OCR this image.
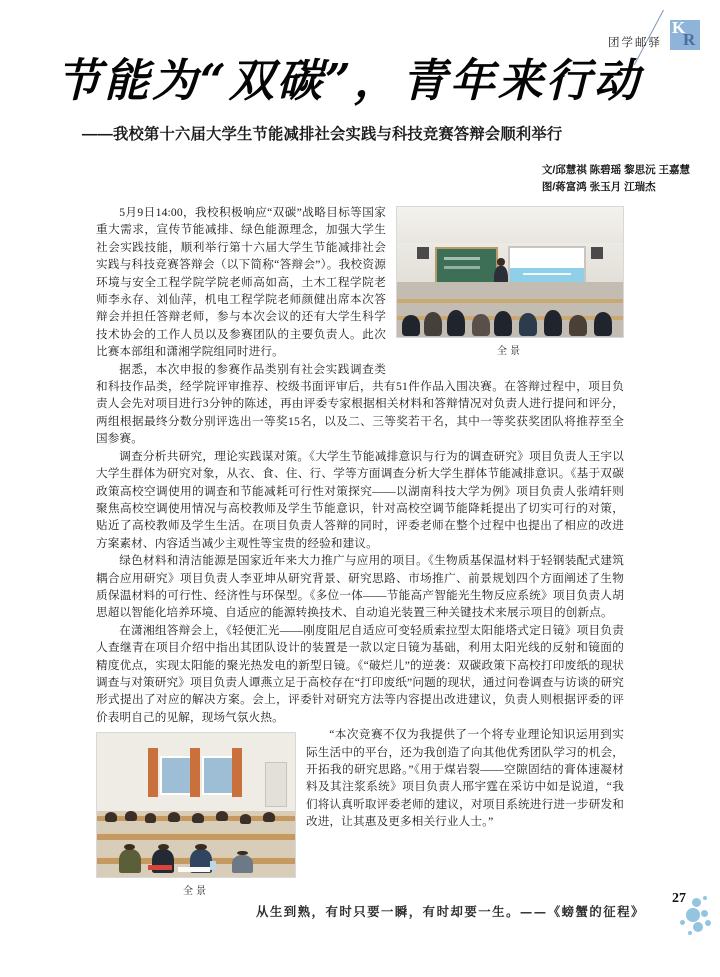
K
R
团学邮驿
节能为“双碳”，青年来行动
——我校第十六届大学生节能减排社会实践与科技竞赛答辩会顺利举行
文/邱慧祺 陈碧瑶 黎思沅 王嘉慧
图/蒋富鸿 张玉月 江瑞杰
全景

5月9日14:00，我校积极响应“双碳”战略目标等国家重大需求，宣传节能减排、绿色能源理念，加强大学生社会实践技能，顺利举行第十六届大学生节能减排社会实践与科技竞赛答辩会（以下简称“答辩会”）。我校资源环境与安全工程学院学院老师高如高，土木工程学院老师李永存、刘仙萍，机电工程学院老师颜健出席本次答辩会并担任答辩老师，参与本次会议的还有大学生科学技术协会的工作人员以及参赛团队的主要负责人。此次比赛本部组和潇湘学院组同时进行。

据悉，本次申报的参赛作品类别有社会实践调查类和科技作品类，经学院评审推荐、校级书面评审后，共有51件作品入围决赛。在答辩过程中，项目负责人会先对项目进行3分钟的陈述，再由评委专家根据相关材料和答辩情况对负责人进行提问和评分，两组根据最终分数分别评选出一等奖15名，以及二、三等奖若干名，其中一等奖获奖团队将推荐至全国参赛。

调查分析共研究，理论实践谋对策。《大学生节能减排意识与行为的调查研究》项目负责人王宇以大学生群体为研究对象，从衣、食、住、行、学等方面调查分析大学生群体节能减排意识。《基于双碳政策高校空调使用的调查和节能减耗可行性对策探究——以湖南科技大学为例》项目负责人张靖轩则聚焦高校空调使用情况与高校教师及学生节能意识，针对高校空调节能降耗提出了切实可行的对策，贴近了高校教师及学生生活。在项目负责人答辩的同时，评委老师在整个过程中也提出了相应的改进方案素材、内容适当减少主观性等宝贵的经验和建议。

绿色材料和清洁能源是国家近年来大力推广与应用的项目。《生物质基保温材料于轻钢装配式建筑耦合应用研究》项目负责人李亚坤从研究背景、研究思路、市场推广、前景规划四个方面阐述了生物质保温材料的可行性、经济性与环保型。《多位一体——节能高产智能光生物反应系统》项目负责人胡思超以智能化培养环境、自适应的能源转换技术、自动追光装置三种关键技术来展示项目的创新点。

在潇湘组答辩会上，《轻便汇光——刚度阻尼自适应可变轻质索拉型太阳能塔式定日镜》项目负责人查继青在项目介绍中指出其团队设计的装置是一款以定日镜为基础，利用太阳光线的反射和镜面的精度优点，实现太阳能的聚光热发电的新型日镜。《“破烂儿”的逆袭：双碳政策下高校打印废纸的现状调查与对策研究》项目负责人谭燕立足于高校存在“打印废纸”问题的现状，通过问卷调查与访谈的研究形式提出了对应的解决方案。会上，评委针对研究方法等内容提出改进建议，负责人则根据评委的评价表明自己的见解，现场气氛火热。

全景

“本次竞赛不仅为我提供了一个将专业理论知识运用到实际生活中的平台，还为我创造了向其他优秀团队学习的机会，开拓我的研究思路。”《用于煤岩裂——空隙固结的膏体速凝材料及其注浆系统》项目负责人邢宇霆在采访中如是说道，“我们将认真听取评委老师的建议，对项目系统进行进一步研发和改进，让其惠及更多相关行业人士。”

从生到熟，有时只要一瞬，有时却要一生。——《螃蟹的征程》
27
